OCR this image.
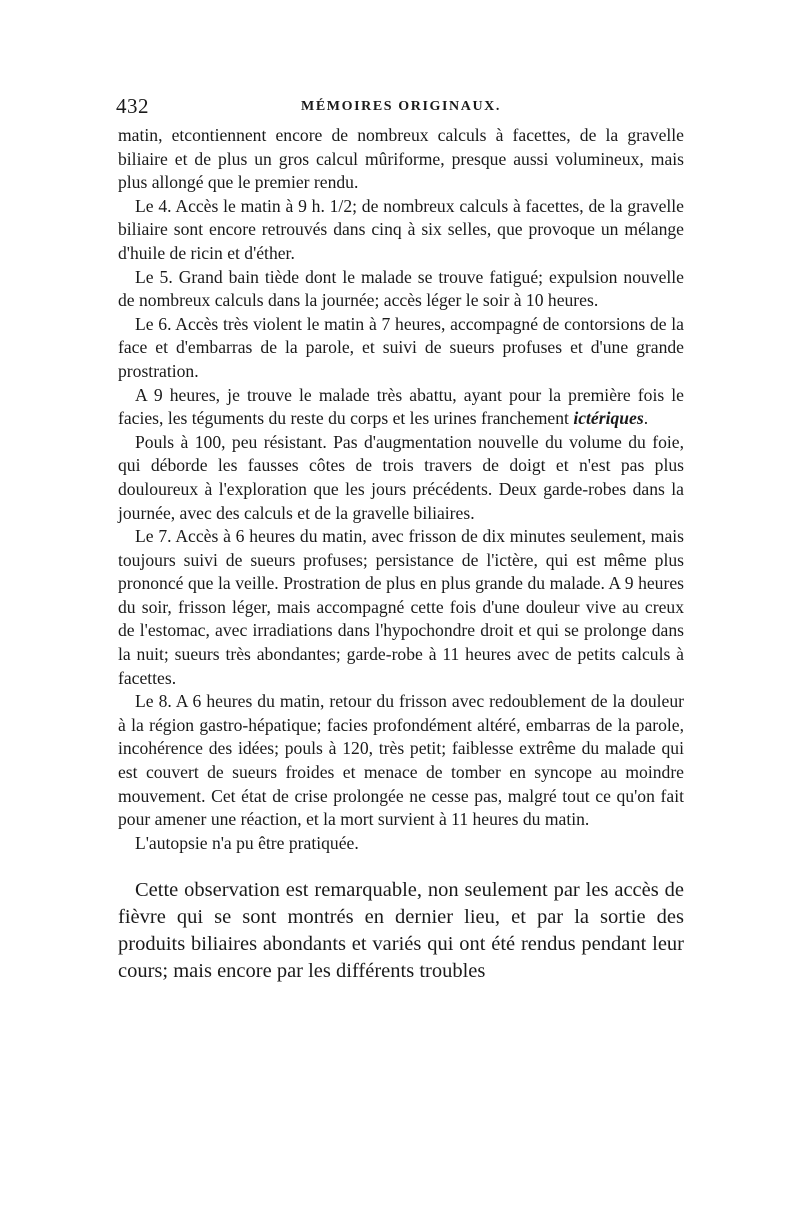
432	MÉMOIRES ORIGINAUX.

matin, etcontiennent encore de nombreux calculs à facettes, de la gravelle biliaire et de plus un gros calcul mûriforme, presque aussi volumineux, mais plus allongé que le premier rendu.

Le 4. Accès le matin à 9 h. 1/2; de nombreux calculs à facettes, de la gravelle biliaire sont encore retrouvés dans cinq à six selles, que provoque un mélange d'huile de ricin et d'éther.

Le 5. Grand bain tiède dont le malade se trouve fatigué; expulsion nouvelle de nombreux calculs dans la journée; accès léger le soir à 10 heures.

Le 6. Accès très violent le matin à 7 heures, accompagné de contorsions de la face et d'embarras de la parole, et suivi de sueurs profuses et d'une grande prostration.

A 9 heures, je trouve le malade très abattu, ayant pour la première fois le facies, les téguments du reste du corps et les urines franchement ictériques.

Pouls à 100, peu résistant. Pas d'augmentation nouvelle du volume du foie, qui déborde les fausses côtes de trois travers de doigt et n'est pas plus douloureux à l'exploration que les jours précédents. Deux garde-robes dans la journée, avec des calculs et de la gravelle biliaires.

Le 7. Accès à 6 heures du matin, avec frisson de dix minutes seulement, mais toujours suivi de sueurs profuses; persistance de l'ictère, qui est même plus prononcé que la veille. Prostration de plus en plus grande du malade. A 9 heures du soir, frisson léger, mais accompagné cette fois d'une douleur vive au creux de l'estomac, avec irradiations dans l'hypochondre droit et qui se prolonge dans la nuit; sueurs très abondantes; garde-robe à 11 heures avec de petits calculs à facettes.

Le 8. A 6 heures du matin, retour du frisson avec redoublement de la douleur à la région gastro-hépatique; facies profondément altéré, embarras de la parole, incohérence des idées; pouls à 120, très petit; faiblesse extrême du malade qui est couvert de sueurs froides et menace de tomber en syncope au moindre mouvement. Cet état de crise prolongée ne cesse pas, malgré tout ce qu'on fait pour amener une réaction, et la mort survient à 11 heures du matin.

L'autopsie n'a pu être pratiquée.

Cette observation est remarquable, non seulement par les accès de fièvre qui se sont montrés en dernier lieu, et par la sortie des produits biliaires abondants et variés qui ont été rendus pendant leur cours; mais encore par les différents troubles
